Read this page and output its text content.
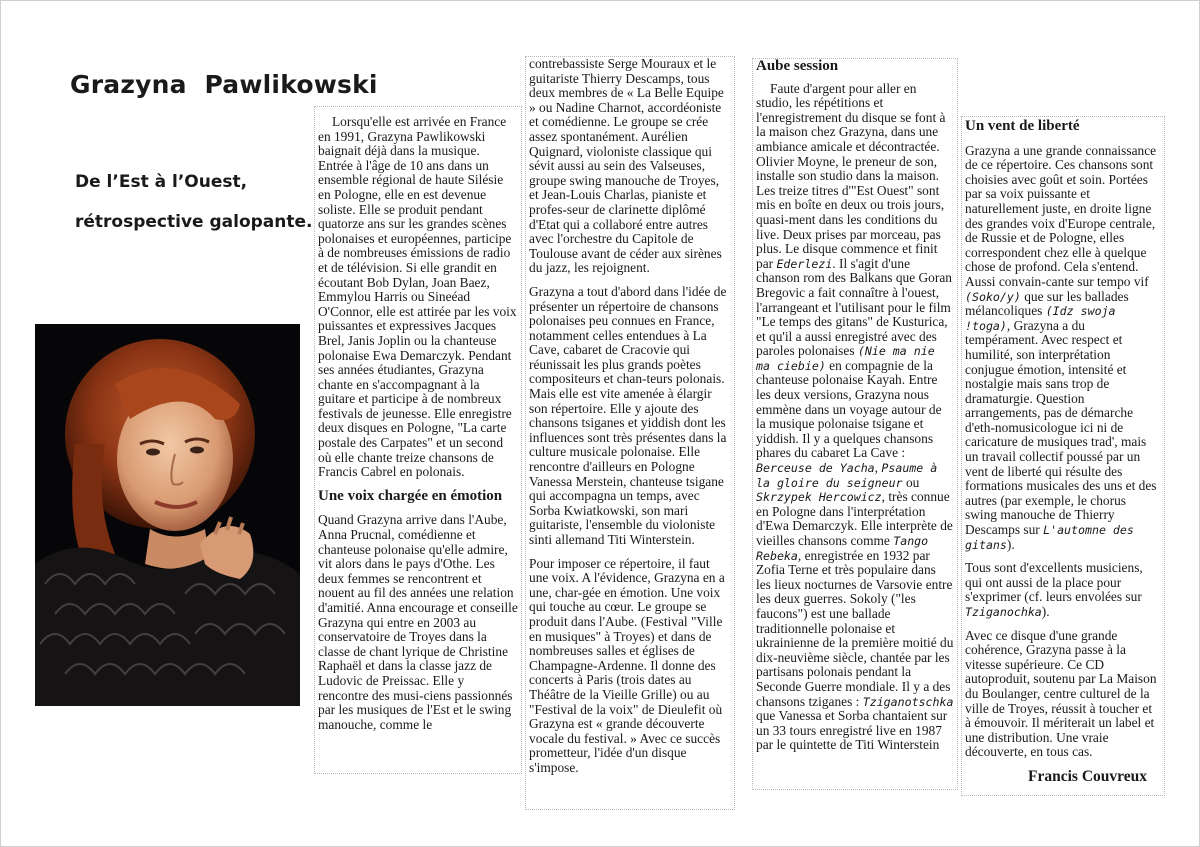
Grazyna  Pawlikowski
De l’Est à l’Ouest,
rétrospective galopante.

Lorsqu'elle est arrivée en France en 1991, Grazyna Pawlikowski baignait déjà dans la musique. Entrée à l'âge de 10 ans dans un ensemble régional de haute Silésie en Pologne, elle en est devenue soliste. Elle se produit pendant quatorze ans sur les grandes scènes polonaises et européennes, participe à de nombreuses émissions de radio et de télévision. Si elle grandit en écoutant Bob Dylan, Joan Baez, Emmylou Harris ou Sineéad O'Connor, elle est attirée par les voix puissantes et expressives Jacques Brel, Janis Joplin ou la chanteuse polonaise Ewa Demarczyk. Pendant ses années étudiantes, Grazyna chante en s'accompagnant à la guitare et participe à de nombreux festivals de jeunesse. Elle enregistre deux disques en Pologne, "La carte postale des Carpates" et un second où elle chante treize chansons de Francis Cabrel en polonais.

Une voix chargée en émotion

Quand Grazyna arrive dans l'Aube, Anna Prucnal, comédienne et chanteuse polonaise qu'elle admire, vit alors dans le pays d'Othe. Les deux femmes se rencontrent et nouent au fil des années une relation d'amitié. Anna encourage et conseille Grazyna qui entre en 2003 au conservatoire de Troyes dans la classe de chant lyrique de Christine Raphaël et dans la classe jazz de Ludovic de Preissac. Elle y rencontre des musi-ciens passionnés par les musiques de l'Est et le swing manouche, comme le

contrebassiste Serge Mouraux et le guitariste Thierry Descamps, tous deux membres de « La Belle Equipe » ou Nadine Charnot, accordéoniste et comédienne. Le groupe se crée assez spontanément. Aurélien Quignard, violoniste classique qui sévit aussi au sein des Valseuses, groupe swing manouche de Troyes, et Jean-Louis Charlas, pianiste et profes-seur de clarinette diplômé d'Etat qui a collaboré entre autres avec l'orchestre du Capitole de Toulouse avant de céder aux sirènes du jazz, les rejoignent.

Grazyna a tout d'abord dans l'idée de présenter un répertoire de chansons polonaises peu connues en France, notamment celles entendues à La Cave, cabaret de Cracovie qui réunissait les plus grands poètes compositeurs et chan-teurs polonais. Mais elle est vite amenée à élargir son répertoire. Elle y ajoute des chansons tsiganes et yiddish dont les influences sont très présentes dans la culture musicale polonaise. Elle rencontre d'ailleurs en Pologne Vanessa Merstein, chanteuse tsigane qui accompagna un temps, avec Sorba Kwiatkowski, son mari guitariste, l'ensemble du violoniste sinti allemand Titi Winterstein.

Pour imposer ce répertoire, il faut une voix. A l'évidence, Grazyna en a une, char-gée en émotion. Une voix qui touche au cœur. Le groupe se produit dans l'Aube. (Festival "Ville en musiques" à Troyes) et dans de nombreuses salles et églises de Champagne-Ardenne. Il donne des concerts à Paris (trois dates au Théâtre de la Vieille Grille) ou au "Festival de la voix" de Dieulefit où Grazyna est « grande découverte vocale du festival. » Avec ce succès prometteur, l'idée d'un disque s'impose.

Aube session

Faute d'argent pour aller en studio, les répétitions et l'enregistrement du disque se font à la maison chez Grazyna, dans une ambiance amicale et décontractée. Olivier Moyne, le preneur de son, installe son studio dans la maison. Les treize titres d'"Est Ouest" sont mis en boîte en deux ou trois jours, quasi-ment dans les conditions du live. Deux prises par morceau, pas plus. Le disque commence et finit par Ederlezi. Il s'agit d'une chanson rom des Balkans que Goran Bregovic a fait connaître à l'ouest, l'arrangeant et l'utilisant pour le film "Le temps des gitans" de Kusturica, et qu'il a aussi enregistré avec des paroles polonaises (Nie ma nie ma ciebie) en compagnie de la chanteuse polonaise Kayah. Entre les deux versions, Grazyna nous emmène dans un voyage autour de la musique polonaise tsigane et yiddish. Il y a quelques chansons phares du cabaret La Cave : Berceuse de Yacha, Psaume à la gloire du seigneur ou Skrzypek Hercowicz, très connue en Pologne dans l'interprétation d'Ewa Demarczyk. Elle interprète de vieilles chansons comme Tango Rebeka, enregistrée en 1932 par Zofia Terne et très populaire dans les lieux nocturnes de Varsovie entre les deux guerres. Sokoly ("les faucons") est une ballade traditionnelle polonaise et ukrainienne de la première moitié du dix-neuvième siècle, chantée par les partisans polonais pendant la Seconde Guerre mondiale. Il y a des chansons tziganes : Tziganotschka que Vanessa et Sorba chantaient sur un 33 tours enregistré live en 1987 par le quintette de Titi Winterstein

Un vent de liberté

Grazyna a une grande connaissance de ce répertoire. Ces chansons sont choisies avec goût et soin. Portées par sa voix puissante et naturellement juste, en droite ligne des grandes voix d'Europe centrale, de Russie et de Pologne, elles correspondent chez elle à quelque chose de profond. Cela s'entend. Aussi convain-cante sur tempo vif (Soko/y) que sur les ballades mélancoliques (Idz swoja !toga), Grazyna a du tempérament. Avec respect et humilité, son interprétation conjugue émotion, intensité et nostalgie mais sans trop de dramaturgie. Question arrangements, pas de démarche d'eth-nomusicologue ici ni de caricature de musiques trad', mais un travail collectif poussé par un vent de liberté qui résulte des formations musicales des uns et des autres (par exemple, le chorus swing manouche de Thierry Descamps sur L'automne des gitans).

Tous sont d'excellents musiciens, qui ont aussi de la place pour s'exprimer (cf. leurs envolées sur Tziganochka).

Avec ce disque d'une grande cohérence, Grazyna passe à la vitesse supérieure. Ce CD autoproduit, soutenu par La Maison du Boulanger, centre culturel de la ville de Troyes, réussit à toucher et à émouvoir. Il mériterait un label et une distribution. Une vraie découverte, en tous cas.

Francis Couvreux
